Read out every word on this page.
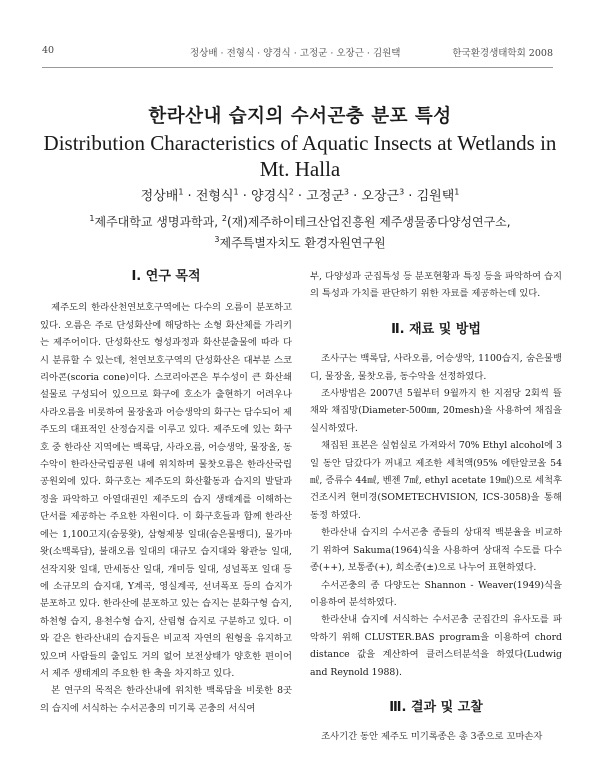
40	정상배 · 전형식 · 양경식 · 고정군 · 오장근 · 김원택	한국환경생태학회 2008
한라산내 습지의 수서곤충 분포 특성
Distribution Characteristics of Aquatic Insects at Wetlands in Mt. Halla
정상배$^1$ · 전형식$^1$ · 양경식$^2$ · 고정군$^3$ · 오장근$^3$ · 김원택$^1$
$^1$제주대학교 생명과학과, $^2$(재)제주하이테크산업진흥원 제주생물종다양성연구소,
$^3$제주특별자치도 환경자원연구원
Ⅰ. 연구 목적

제주도의 한라산천연보호구역에는 다수의 오름이 분포하고 있다. 오름은 주로 단성화산에 해당하는 소형 화산체를 가리키는 제주어이다. 단성화산도 형성과정과 화산분출물에 따라 다시 분류할 수 있는데, 천연보호구역의 단성화산은 대부분 스코리아콘(scoria cone)이다. 스코리아콘은 투수성이 큰 화산쇄설물로 구성되어 있으므로 화구에 호소가 출현하기 어려우나 사라오름을 비롯하여 물장올과 어승생악의 화구는 담수되어 제주도의 대표적인 산정습지를 이루고 있다. 제주도에 있는 화구호 중 한라산 지역에는 백록담, 사라오름, 어승생악, 물장올, 동수악이 한라산국립공원 내에 위치하며 물찻오름은 한라산국립공원외에 있다. 화구호는 제주도의 화산활동과 습지의 발달과정을 파악하고 아열대권인 제주도의 습지 생태계를 이해하는 단서를 제공하는 주요한 자원이다. 이 화구호들과 함께 한라산에는 1,100고지(숨뭉왓), 삼형제붕 일대(숨은물뱅디), 물가마왓(소백록담), 불래오름 일대의 대규모 습지대와 왕관능 일대, 선작지왓 일대, 만세동산 일대, 개미등 일대, 성널폭포 일대 등에 소규모의 습지대, Y계곡, 영실계곡, 선녀폭포 등의 습지가 분포하고 있다. 한라산에 분포하고 있는 습지는 분화구형 습지, 하천형 습지, 용천수형 습지, 산림형 습지로 구분하고 있다. 이와 같은 한라산내의 습지들은 비교적 자연의 원형을 유지하고 있으며 사람들의 출입도 거의 없어 보전상태가 양호한 편이어서 제주 생태계의 주요한 한 축을 차지하고 있다.

본 연구의 목적은 한라산내에 위치한 백록담을 비롯한 8곳의 습지에 서식하는 수서곤충의 미기록 곤충의 서식여

부, 다양성과 군집특성 등 분포현황과 특징 등을 파악하여 습지의 특성과 가치를 판단하기 위한 자료를 제공하는데 있다.

Ⅱ. 재료 및 방법

조사구는 백록담, 사라오름, 어승생악, 1100습지, 숨은물뱅디, 물장올, 물찻오름, 동수악을 선정하였다.

조사방법은 2007년 5월부터 9월까지 한 지점당 2회씩 뜰채와 채집망(Diameter-500㎜, 20mesh)을 사용하여 채집을 실시하였다.

채집된 표본은 실험실로 가져와서 70% Ethyl alcohol에 3일 동안 담갔다가 꺼내고 제조한 세척액(95% 에탄알코올 54㎖, 증류수 44㎖, 벤젠 7㎖, ethyl acetate 19㎖)으로 세척후 건조시켜 현미경(SOMETECHVISION, ICS-3058)을 통해 동정 하였다.

한라산내 습지의 수서곤충 종들의 상대적 백분율을 비교하기 위하여 Sakuma(1964)식을 사용하여 상대적 수도를 다수종(++), 보통종(+), 희소종(±)으로 나누어 표현하였다.

수서곤충의 종 다양도는 Shannon - Weaver(1949)식을 이용하여 분석하였다.

한라산내 습지에 서식하는 수서곤충 군집간의 유사도를 파악하기 위해 CLUSTER.BAS program을 이용하여 chord distance 값을 계산하여 클러스터분석을 하였다(Ludwig and Reynold 1988).

Ⅲ. 결과 및 고찰

조사기간 동안 제주도 미기록종은 총 3종으로 꼬마손자
